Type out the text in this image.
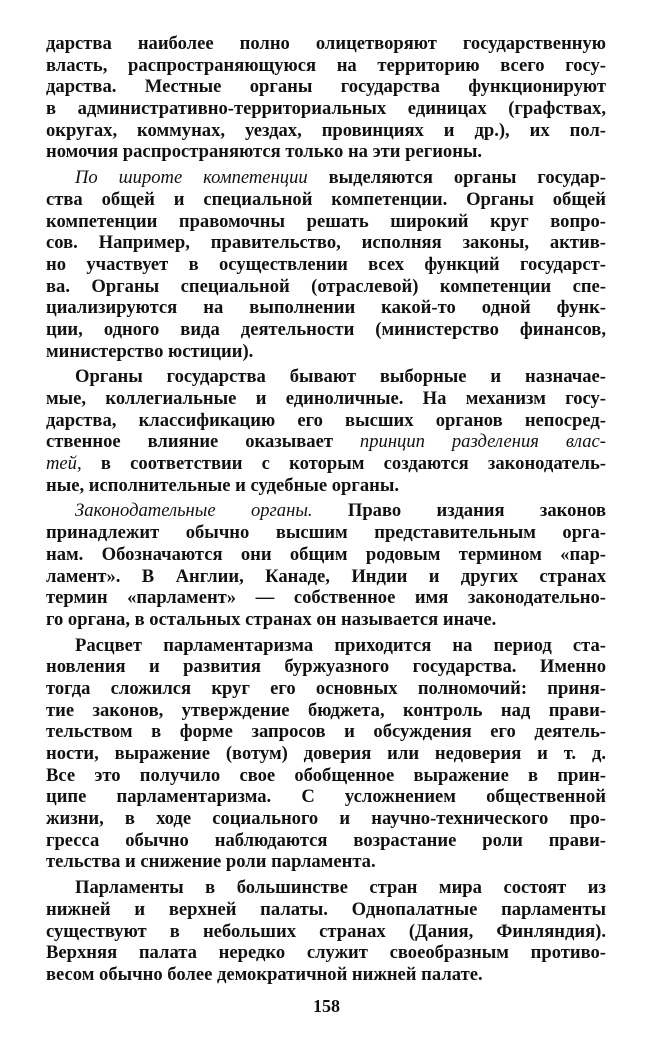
дарства наиболее полно олицетворяют государственную
власть, распространяющуюся на территорию всего госу-
дарства. Местные органы государства функционируют
в административно-территориальных единицах (графствах,
округах, коммунах, уездах, провинциях и др.), их пол-
номочия распространяются только на эти регионы.
По широте компетенции выделяются органы государ-
ства общей и специальной компетенции. Органы общей
компетенции правомочны решать широкий круг вопро-
сов. Например, правительство, исполняя законы, актив-
но участвует в осуществлении всех функций государст-
ва. Органы специальной (отраслевой) компетенции спе-
циализируются на выполнении какой-то одной функ-
ции, одного вида деятельности (министерство финансов,
министерство юстиции).
Органы государства бывают выборные и назначае-
мые, коллегиальные и единоличные. На механизм госу-
дарства, классификацию его высших органов непосред-
ственное влияние оказывает принцип разделения влас-
тей, в соответствии с которым создаются законодатель-
ные, исполнительные и судебные органы.
Законодательные органы. Право издания законов
принадлежит обычно высшим представительным орга-
нам. Обозначаются они общим родовым термином «пар-
ламент». В Англии, Канаде, Индии и других странах
термин «парламент» — собственное имя законодательно-
го органа, в остальных странах он называется иначе.
Расцвет парламентаризма приходится на период ста-
новления и развития буржуазного государства. Именно
тогда сложился круг его основных полномочий: приня-
тие законов, утверждение бюджета, контроль над прави-
тельством в форме запросов и обсуждения его деятель-
ности, выражение (вотум) доверия или недоверия и т. д.
Все это получило свое обобщенное выражение в прин-
ципе парламентаризма. С усложнением общественной
жизни, в ходе социального и научно-технического про-
гресса обычно наблюдаются возрастание роли прави-
тельства и снижение роли парламента.
Парламенты в большинстве стран мира состоят из
нижней и верхней палаты. Однопалатные парламенты
существуют в небольших странах (Дания, Финляндия).
Верхняя палата нередко служит своеобразным противо-
весом обычно более демократичной нижней палате.
158
